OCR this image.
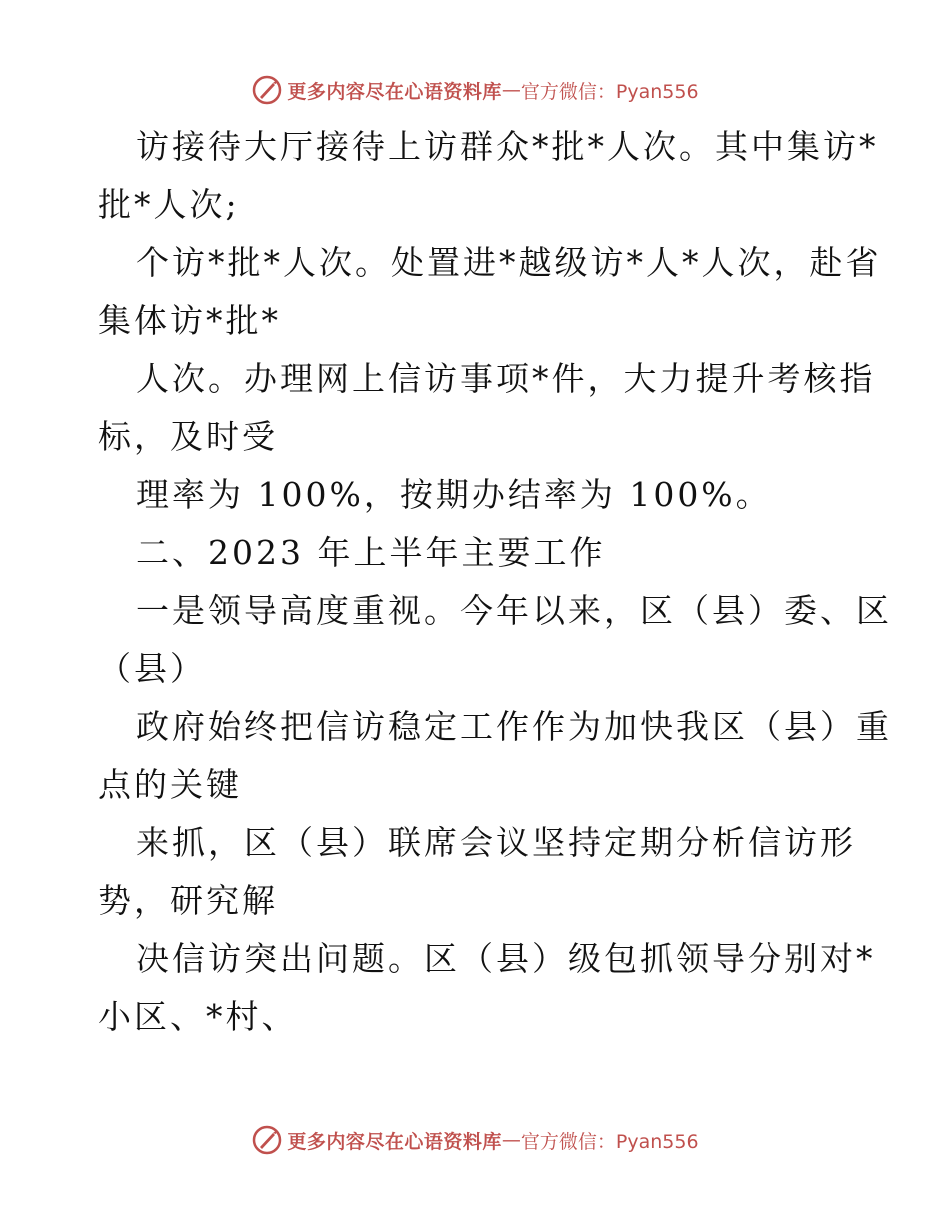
更多内容尽在心语资料库 — 官方微信：Pyan556
访接待大厅接待上访群众*批*人次。其中集访*
批*人次;
个访*批*人次。处置进*越级访*人*人次，赴省
集体访*批*
人次。办理网上信访事项*件，大力提升考核指
标，及时受
理率为 100%，按期办结率为 100%。
二、2023 年上半年主要工作
一是领导高度重视。今年以来，区（县）委、区
（县）
政府始终把信访稳定工作作为加快我区（县）重
点的关键
来抓，区（县）联席会议坚持定期分析信访形
势，研究解
决信访突出问题。区（县）级包抓领导分别对*
小区、*村、
更多内容尽在心语资料库 — 官方微信：Pyan556
